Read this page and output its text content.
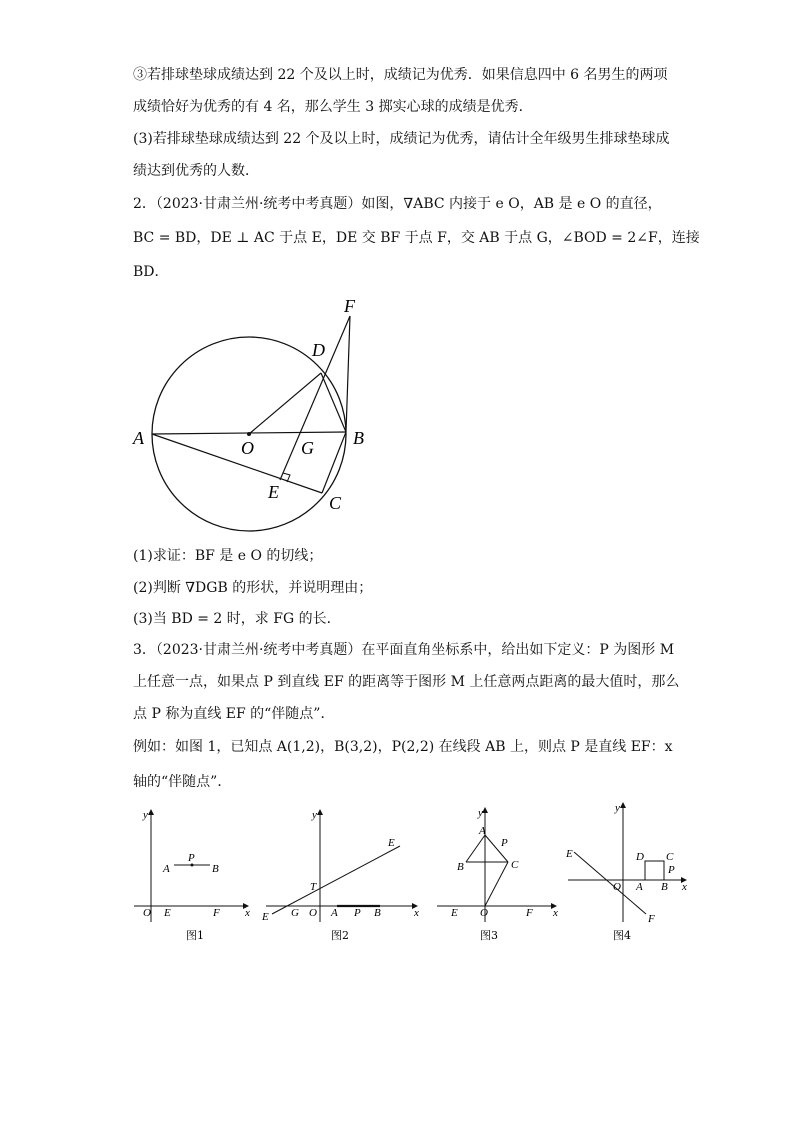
③若排球垫球成绩达到 22 个及以上时，成绩记为优秀．如果信息四中 6 名男生的两项
成绩恰好为优秀的有 4 名，那么学生 3 掷实心球的成绩是优秀．
(3)若排球垫球成绩达到 22 个及以上时，成绩记为优秀，请估计全年级男生排球垫球成
绩达到优秀的人数．
2．（2023·甘肃兰州·统考中考真题）如图，∇ABC 内接于 e O，AB 是 e O 的直径，
BC = BD，DE ⊥ AC 于点 E，DE 交 BF 于点 F，交 AB 于点 G，∠BOD = 2∠F，连接
BD．
F
D
A	O	G B
E
C
(1)求证：BF 是 e O 的切线；
(2)判断 ∇DGB 的形状，并说明理由；
(3)当 BD = 2 时，求 FG 的长．
3．（2023·甘肃兰州·统考中考真题）在平面直角坐标系中，给出如下定义：P 为图形 M
上任意一点，如果点 P 到直线 EF 的距离等于图形 M 上任意两点距离的最大值时，那么
点 P 称为直线 EF 的“伴随点”．
例如：如图 1，已知点 A(1,2)，B(3,2)，P(2,2) 在线段 AB 上，则点 P 是直线 EF：x
轴的“伴随点”．
y
x
O E	F
A
P
B
图1
y
x
O
E G
T
E
A P B
图2
y
x
A
P
B	C
E O	F
图3
y
x
E
F
O A B
D C
P
图4
